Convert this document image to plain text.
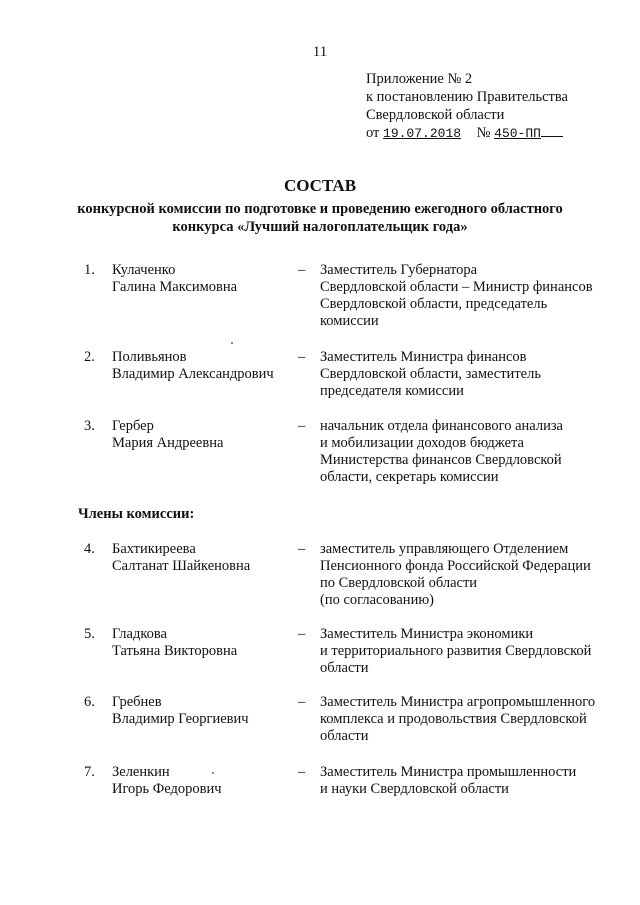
11
Приложение № 2
к постановлению Правительства
Свердловской области
от 19.07.2018 № 450-ПП
СОСТАВ
конкурсной комиссии по подготовке и проведению ежегодного областного
конкурса «Лучший налогоплательщик года»
1. Кулаченко
Галина Максимовна
– Заместитель Губернатора
Свердловской области – Министр финансов
Свердловской области, председатель
комиссии
2. Поливьянов
Владимир Александрович
– Заместитель Министра финансов
Свердловской области, заместитель
председателя комиссии
3. Гербер
Мария Андреевна
– начальник отдела финансового анализа
и мобилизации доходов бюджета
Министерства финансов Свердловской
области, секретарь комиссии
Члены комиссии:
4. Бахтикиреева
Салтанат Шайкеновна
– заместитель управляющего Отделением
Пенсионного фонда Российской Федерации
по Свердловской области
(по согласованию)
5. Гладкова
Татьяна Викторовна
– Заместитель Министра экономики
и территориального развития Свердловской
области
6. Гребнев
Владимир Георгиевич
– Заместитель Министра агропромышленного
комплекса и продовольствия Свердловской
области
7. Зеленкин
Игорь Федорович
– Заместитель Министра промышленности
и науки Свердловской области
